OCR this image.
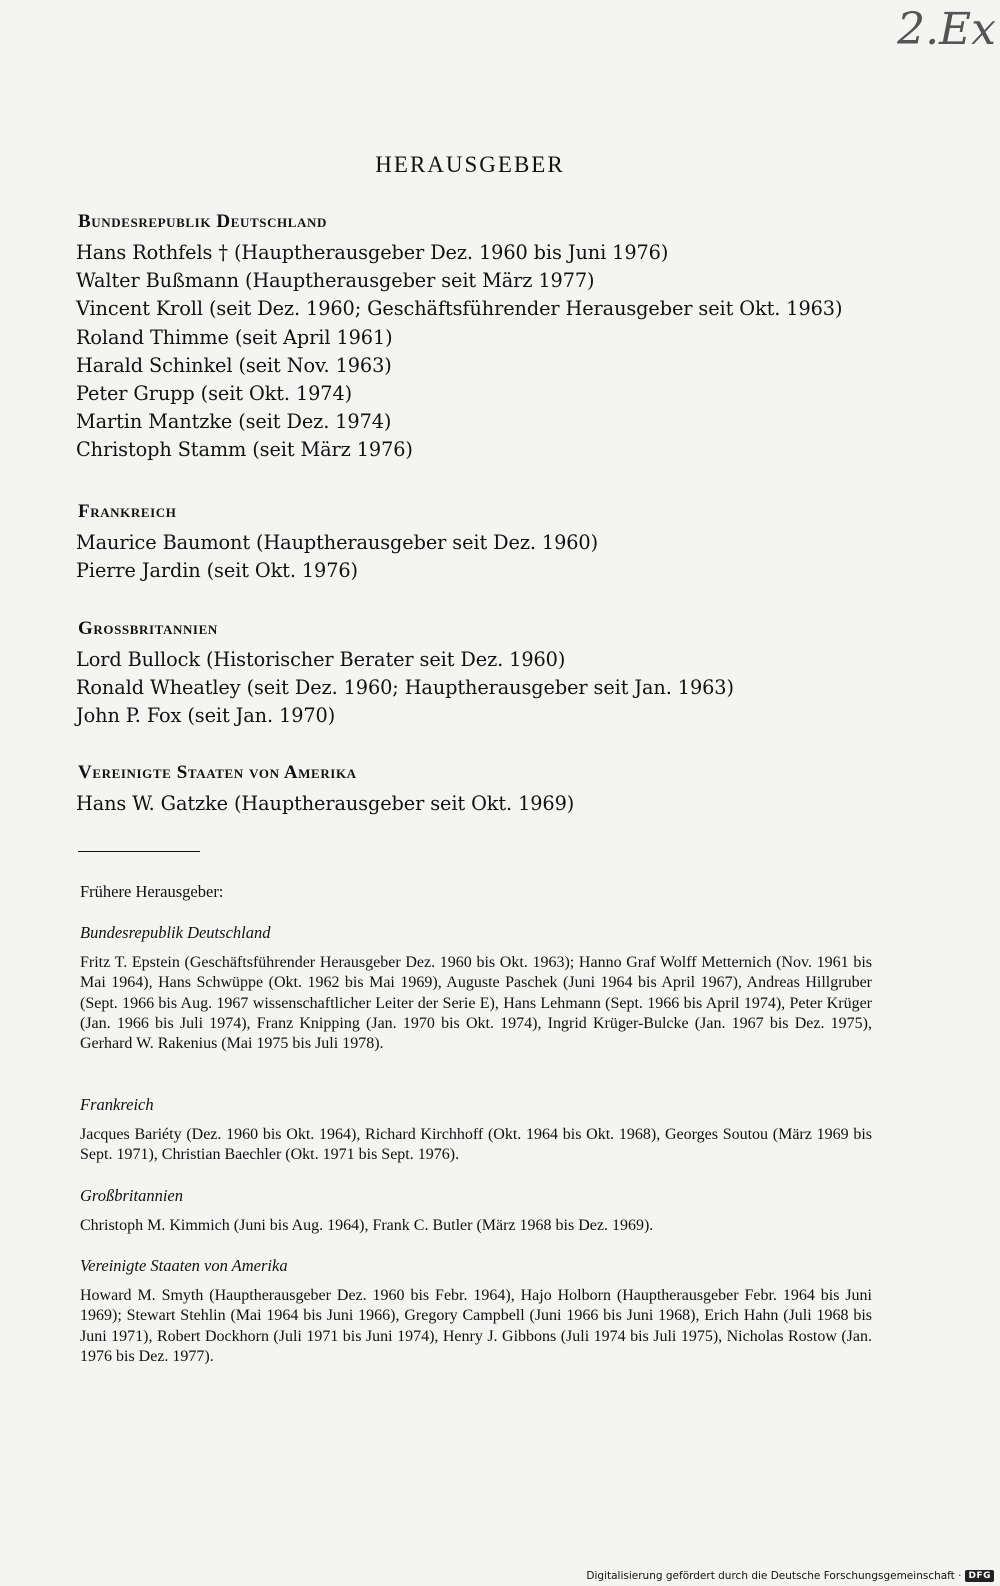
2.Ex
HERAUSGEBER
Bundesrepublik Deutschland
Hans Rothfels † (Hauptherausgeber Dez. 1960 bis Juni 1976)
Walter Bußmann (Hauptherausgeber seit März 1977)
Vincent Kroll (seit Dez. 1960; Geschäftsführender Herausgeber seit Okt. 1963)
Roland Thimme (seit April 1961)
Harald Schinkel (seit Nov. 1963)
Peter Grupp (seit Okt. 1974)
Martin Mantzke (seit Dez. 1974)
Christoph Stamm (seit März 1976)
Frankreich
Maurice Baumont (Hauptherausgeber seit Dez. 1960)
Pierre Jardin (seit Okt. 1976)
Grossbritannien
Lord Bullock (Historischer Berater seit Dez. 1960)
Ronald Wheatley (seit Dez. 1960; Hauptherausgeber seit Jan. 1963)
John P. Fox (seit Jan. 1970)
Vereinigte Staaten von Amerika
Hans W. Gatzke (Hauptherausgeber seit Okt. 1969)
Frühere Herausgeber:
Bundesrepublik Deutschland
Fritz T. Epstein (Geschäftsführender Herausgeber Dez. 1960 bis Okt. 1963); Hanno Graf Wolff Metternich (Nov. 1961 bis Mai 1964), Hans Schwüppe (Okt. 1962 bis Mai 1969), Auguste Paschek (Juni 1964 bis April 1967), Andreas Hillgruber (Sept. 1966 bis Aug. 1967 wissenschaftlicher Leiter der Serie E), Hans Lehmann (Sept. 1966 bis April 1974), Peter Krüger (Jan. 1966 bis Juli 1974), Franz Knipping (Jan. 1970 bis Okt. 1974), Ingrid Krüger-Bulcke (Jan. 1967 bis Dez. 1975), Gerhard W. Rakenius (Mai 1975 bis Juli 1978).
Frankreich
Jacques Bariéty (Dez. 1960 bis Okt. 1964), Richard Kirchhoff (Okt. 1964 bis Okt. 1968), Georges Soutou (März 1969 bis Sept. 1971), Christian Baechler (Okt. 1971 bis Sept. 1976).
Großbritannien
Christoph M. Kimmich (Juni bis Aug. 1964), Frank C. Butler (März 1968 bis Dez. 1969).
Vereinigte Staaten von Amerika
Howard M. Smyth (Hauptherausgeber Dez. 1960 bis Febr. 1964), Hajo Holborn (Hauptherausgeber Febr. 1964 bis Juni 1969); Stewart Stehlin (Mai 1964 bis Juni 1966), Gregory Campbell (Juni 1966 bis Juni 1968), Erich Hahn (Juli 1968 bis Juni 1971), Robert Dockhorn (Juli 1971 bis Juni 1974), Henry J. Gibbons (Juli 1974 bis Juli 1975), Nicholas Rostow (Jan. 1976 bis Dez. 1977).
Digitalisierung gefördert durch die Deutsche Forschungsgemeinschaft · DFG
